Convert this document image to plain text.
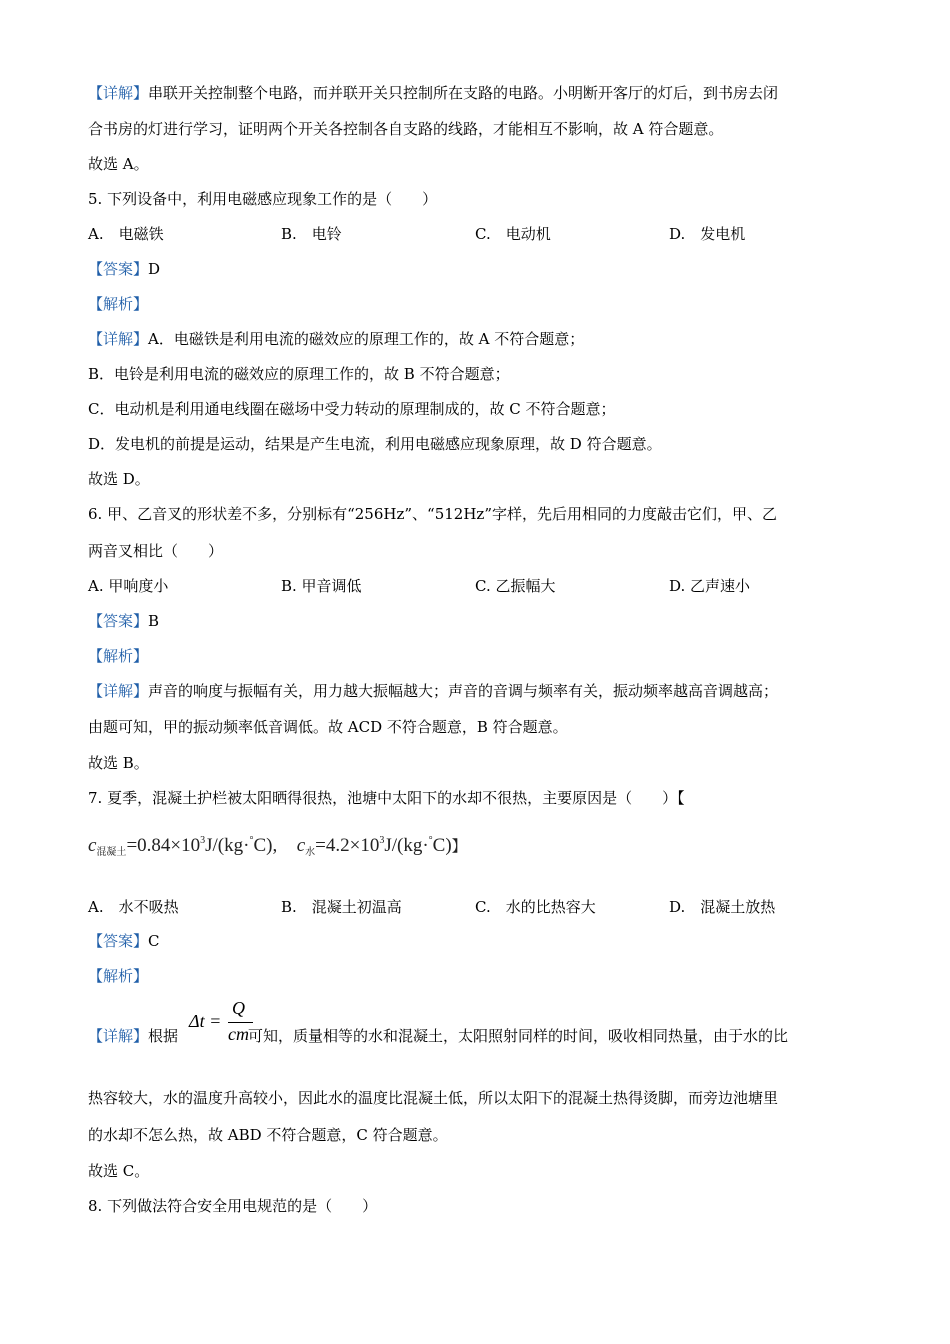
【详解】串联开关控制整个电路，而并联开关只控制所在支路的电路。小明断开客厅的灯后，到书房去闭
合书房的灯进行学习，证明两个开关各控制各自支路的线路，才能相互不影响，故 A 符合题意。
故选 A。
5. 下列设备中，利用电磁感应现象工作的是（　　）
A.　电磁铁	B.　电铃	C.　电动机	D.　发电机
【答案】D
【解析】
【详解】A．电磁铁是利用电流的磁效应的原理工作的，故 A 不符合题意；
B．电铃是利用电流的磁效应的原理工作的，故 B 不符合题意；
C．电动机是利用通电线圈在磁场中受力转动的原理制成的，故 C 不符合题意；
D．发电机的前提是运动，结果是产生电流，利用电磁感应现象原理，故 D 符合题意。
故选 D。
6. 甲、乙音叉的形状差不多，分别标有“256Hz”、“512Hz”字样，先后用相同的力度敲击它们，甲、乙
两音叉相比（　　）
A. 甲响度小	B. 甲音调低	C. 乙振幅大	D. 乙声速小
【答案】B
【解析】
【详解】声音的响度与振幅有关，用力越大振幅越大；声音的音调与频率有关，振动频率越高音调越高；
由题可知，甲的振动频率低音调低。故 ACD 不符合题意，B 符合题意。
故选 B。
7. 夏季，混凝土护栏被太阳晒得很热，池塘中太阳下的水却不很热，主要原因是（　　）【
$c_{混凝土}=0.84\times 10^3J/(kg\cdot^\circ C)$, $c_水=4.2\times 10^3J/(kg\cdot^\circ C)$】
A.　水不吸热	B.　混凝土初温高	C.　水的比热容大	D.　混凝土放热
【答案】C
【解析】
【详解】根据	可知，质量相等的水和混凝土，太阳照射同样的时间，吸收相同热量，由于水的比
Δt =
Q
cm
热容较大，水的温度升高较小，因此水的温度比混凝土低，所以太阳下的混凝土热得烫脚，而旁边池塘里
的水却不怎么热，故 ABD 不符合题意，C 符合题意。
故选 C。
8. 下列做法符合安全用电规范的是（　　）
